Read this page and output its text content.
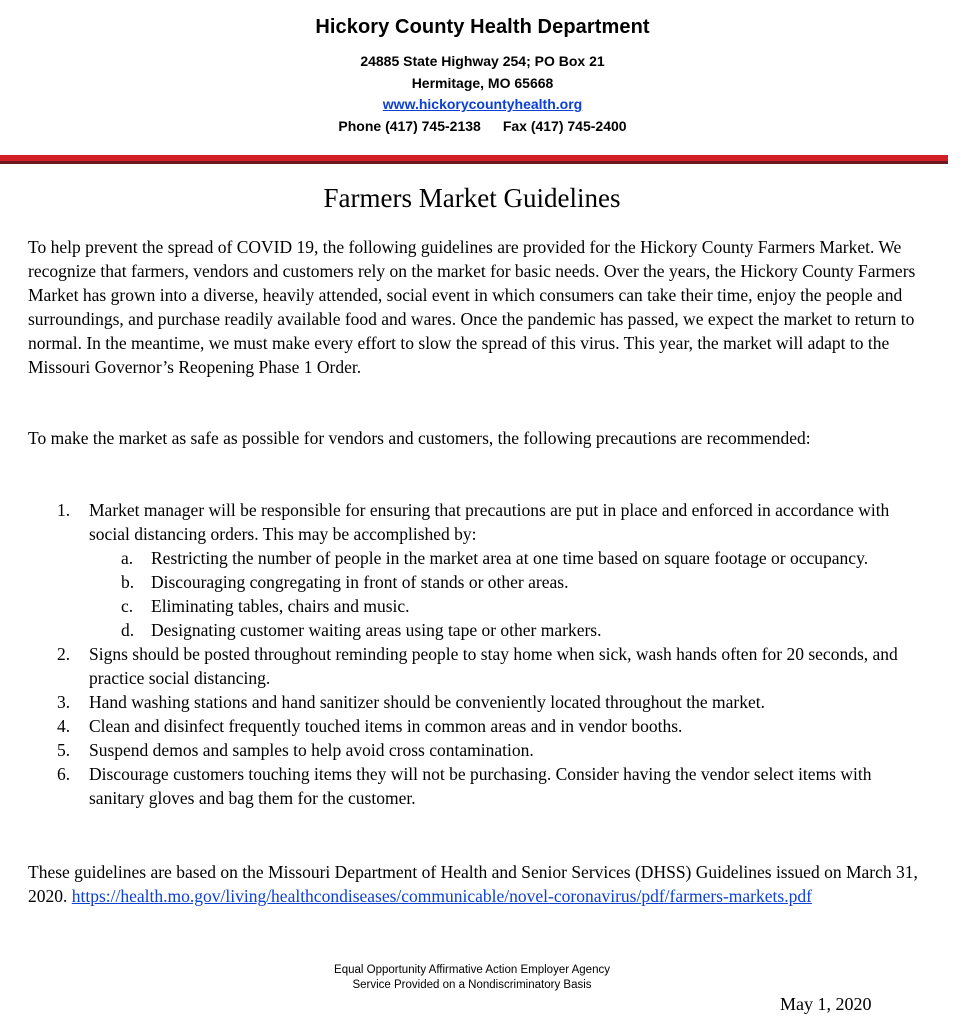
Hickory County Health Department
24885 State Highway 254; PO Box 21
Hermitage, MO 65668
www.hickorycountyhealth.org
Phone (417) 745-2138 Fax (417) 745-2400
Farmers Market Guidelines
To help prevent the spread of COVID 19, the following guidelines are provided for the Hickory County Farmers Market. We recognize that farmers, vendors and customers rely on the market for basic needs. Over the years, the Hickory County Farmers Market has grown into a diverse, heavily attended, social event in which consumers can take their time, enjoy the people and surroundings, and purchase readily available food and wares. Once the pandemic has passed, we expect the market to return to normal. In the meantime, we must make every effort to slow the spread of this virus. This year, the market will adapt to the Missouri Governor’s Reopening Phase 1 Order.
To make the market as safe as possible for vendors and customers, the following precautions are recommended:
1. Market manager will be responsible for ensuring that precautions are put in place and enforced in accordance with social distancing orders. This may be accomplished by:
a. Restricting the number of people in the market area at one time based on square footage or occupancy.
b. Discouraging congregating in front of stands or other areas.
c. Eliminating tables, chairs and music.
d. Designating customer waiting areas using tape or other markers.
2. Signs should be posted throughout reminding people to stay home when sick, wash hands often for 20 seconds, and practice social distancing.
3. Hand washing stations and hand sanitizer should be conveniently located throughout the market.
4. Clean and disinfect frequently touched items in common areas and in vendor booths.
5. Suspend demos and samples to help avoid cross contamination.
6. Discourage customers touching items they will not be purchasing. Consider having the vendor select items with sanitary gloves and bag them for the customer.
These guidelines are based on the Missouri Department of Health and Senior Services (DHSS) Guidelines issued on March 31, 2020. https://health.mo.gov/living/healthcondiseases/communicable/novel-coronavirus/pdf/farmers-markets.pdf
Equal Opportunity Affirmative Action Employer Agency
Service Provided on a Nondiscriminatory Basis
May 1, 2020
